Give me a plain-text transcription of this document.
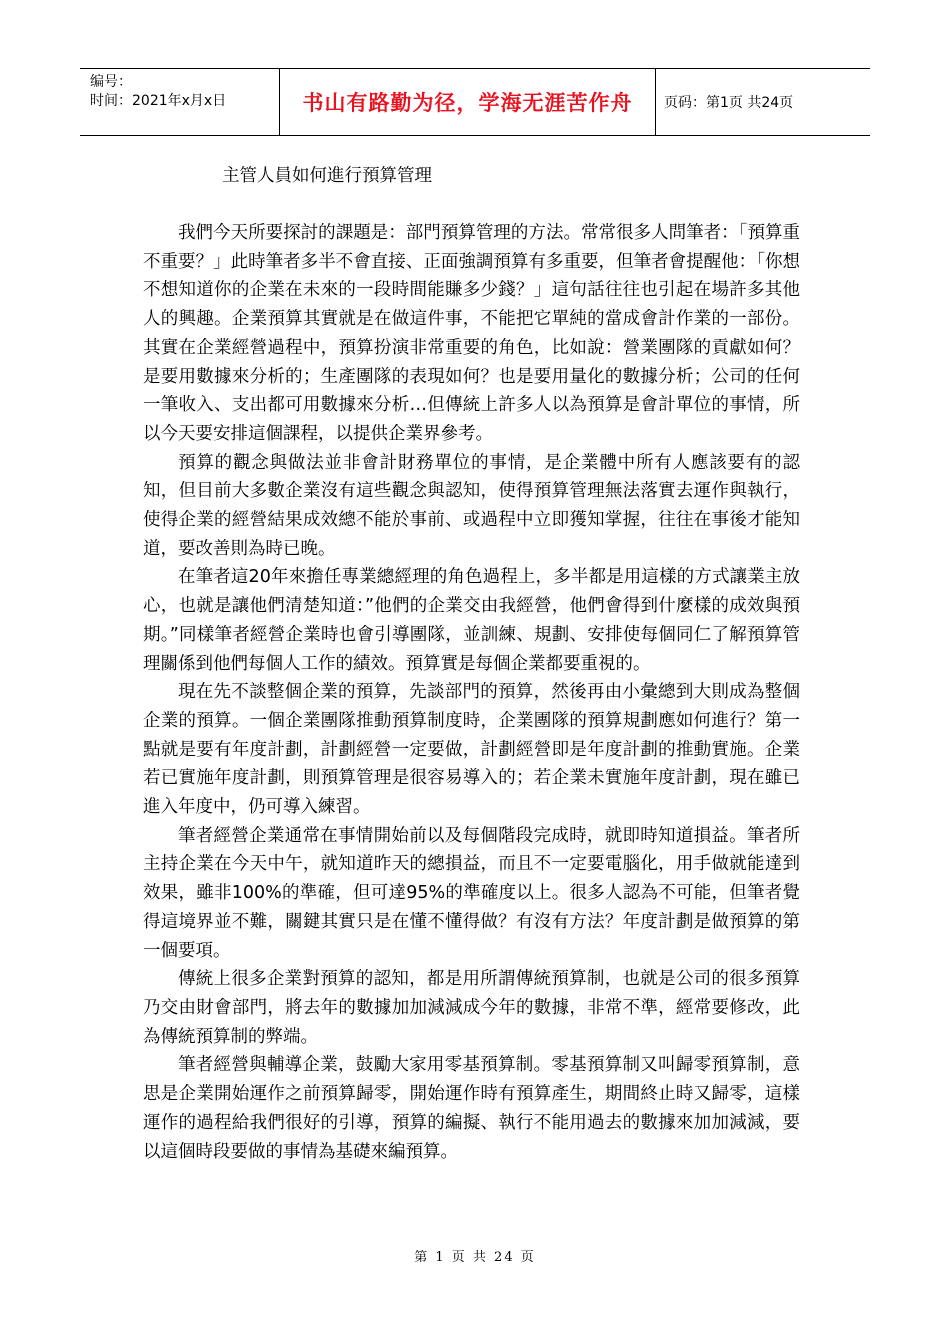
编号：
时间：2021年x月x日	书山有路勤为径，学海无涯苦作舟	页码：第1页 共24页
主管人員如何進行預算管理

我們今天所要探討的課題是：部門預算管理的方法。常常很多人問筆者：「預算重不重要？」此時筆者多半不會直接、正面強調預算有多重要，但筆者會提醒他：「你想不想知道你的企業在未來的一段時間能賺多少錢？」這句話往往也引起在場許多其他人的興趣。企業預算其實就是在做這件事，不能把它單純的當成會計作業的一部份。其實在企業經營過程中，預算扮演非常重要的角色，比如說：營業團隊的貢獻如何？是要用數據來分析的；生產團隊的表現如何？也是要用量化的數據分析；公司的任何一筆收入、支出都可用數據來分析…但傳統上許多人以為預算是會計單位的事情，所以今天要安排這個課程，以提供企業界參考。

預算的觀念與做法並非會計財務單位的事情，是企業體中所有人應該要有的認知，但目前大多數企業沒有這些觀念與認知，使得預算管理無法落實去運作與執行，使得企業的經營結果成效總不能於事前、或過程中立即獲知掌握，往往在事後才能知道，要改善則為時已晚。

在筆者這20年來擔任專業總經理的角色過程上，多半都是用這樣的方式讓業主放心，也就是讓他們清楚知道：”他們的企業交由我經營，他們會得到什麼樣的成效與預期。”同樣筆者經營企業時也會引導團隊，並訓練、規劃、安排使每個同仁了解預算管理關係到他們每個人工作的績效。預算實是每個企業都要重視的。

現在先不談整個企業的預算，先談部門的預算，然後再由小彙總到大則成為整個企業的預算。一個企業團隊推動預算制度時，企業團隊的預算規劃應如何進行？第一點就是要有年度計劃，計劃經營一定要做，計劃經營即是年度計劃的推動實施。企業若已實施年度計劃，則預算管理是很容易導入的；若企業未實施年度計劃，現在雖已進入年度中，仍可導入練習。

筆者經營企業通常在事情開始前以及每個階段完成時，就即時知道損益。筆者所主持企業在今天中午，就知道昨天的總損益，而且不一定要電腦化，用手做就能達到效果，雖非100%的準確，但可達95%的準確度以上。很多人認為不可能，但筆者覺得這境界並不難，關鍵其實只是在懂不懂得做？有沒有方法？年度計劃是做預算的第一個要項。

傳統上很多企業對預算的認知，都是用所謂傳統預算制，也就是公司的很多預算乃交由財會部門，將去年的數據加加減減成今年的數據，非常不準，經常要修改，此為傳統預算制的弊端。

筆者經營與輔導企業，鼓勵大家用零基預算制。零基預算制又叫歸零預算制，意思是企業開始運作之前預算歸零，開始運作時有預算產生，期間終止時又歸零，這樣運作的過程給我們很好的引導，預算的編擬、執行不能用過去的數據來加加減減，要以這個時段要做的事情為基礎來編預算。

第 1 页 共 24 页
